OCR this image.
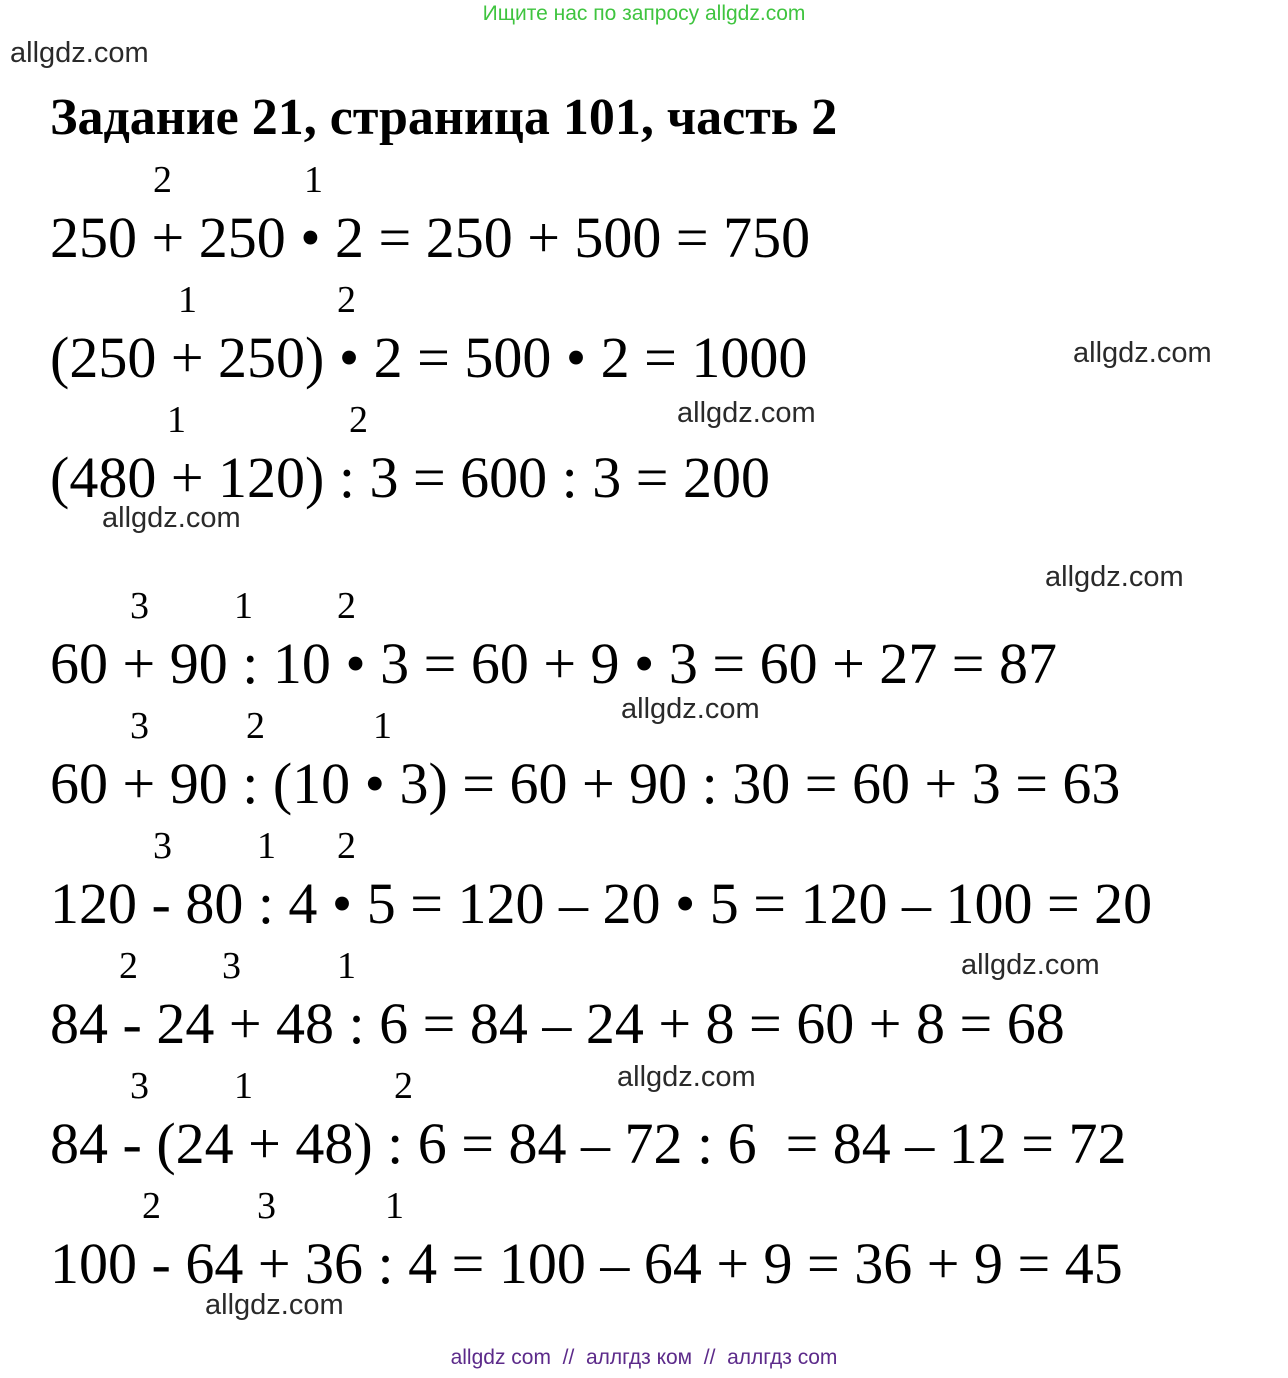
Ищите нас по запросу allgdz.com
allgdz.com
Задание 21, страница 101, часть 2
2	1
250 + 250 • 2 = 250 + 500 = 750
1	2
(250 + 250) • 2 = 500 • 2 = 1000	allgdz.com
allgdz.com
1	2
(480 + 120) : 3 = 600 : 3 = 200
allgdz.com
allgdz.com
3 1 2
60 + 90 : 10 • 3 = 60 + 9 • 3 = 60 + 27 = 87
allgdz.com
3	2	1
60 + 90 : (10 • 3) = 60 + 90 : 30 = 60 + 3 = 63
3 1 2
120 - 80 : 4 • 5 = 120 – 20 • 5 = 120 – 100 = 20
allgdz.com
2 3	1
84 - 24 + 48 : 6 = 84 – 24 + 8 = 60 + 8 = 68
allgdz.com
3 1	2
84 - (24 + 48) : 6 = 84 – 72 : 6  = 84 – 12 = 72
2	3	1
100 - 64 + 36 : 4 = 100 – 64 + 9 = 36 + 9 = 45
allgdz.com
allgdz com  //  аллгдз ком  //  аллгдз com
